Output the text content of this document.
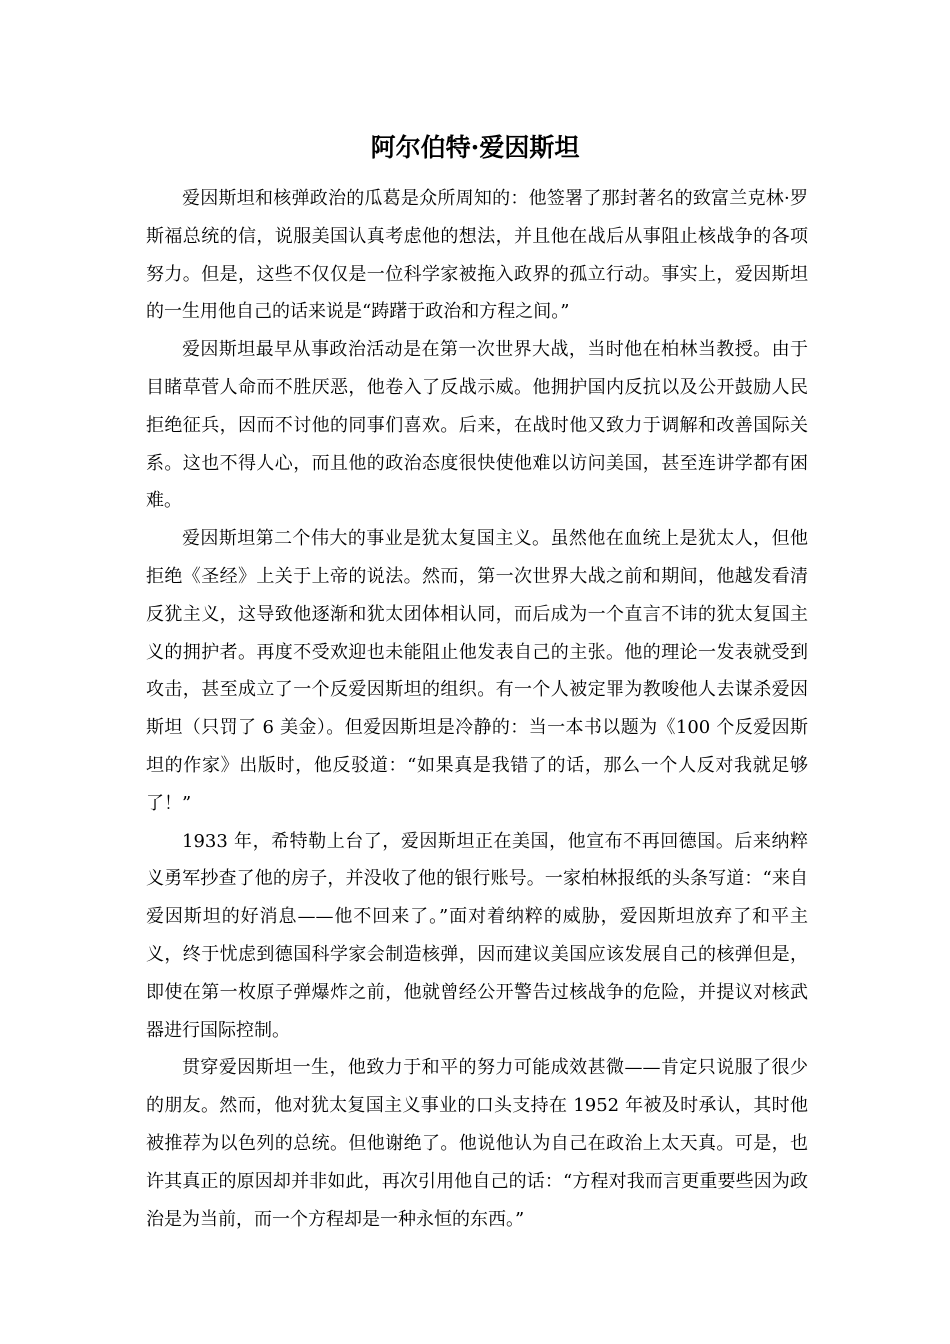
阿尔伯特·爱因斯坦

爱因斯坦和核弹政治的瓜葛是众所周知的：他签署了那封著名的致富兰克林·罗斯福总统的信，说服美国认真考虑他的想法，并且他在战后从事阻止核战争的各项努力。但是，这些不仅仅是一位科学家被拖入政界的孤立行动。事实上，爱因斯坦的一生用他自己的话来说是“踌躇于政治和方程之间。”

爱因斯坦最早从事政治活动是在第一次世界大战，当时他在柏林当教授。由于目睹草菅人命而不胜厌恶，他卷入了反战示威。他拥护国内反抗以及公开鼓励人民拒绝征兵，因而不讨他的同事们喜欢。后来，在战时他又致力于调解和改善国际关系。这也不得人心，而且他的政治态度很快使他难以访问美国，甚至连讲学都有困难。

爱因斯坦第二个伟大的事业是犹太复国主义。虽然他在血统上是犹太人，但他拒绝《圣经》上关于上帝的说法。然而，第一次世界大战之前和期间，他越发看清反犹主义，这导致他逐渐和犹太团体相认同，而后成为一个直言不讳的犹太复国主义的拥护者。再度不受欢迎也未能阻止他发表自己的主张。他的理论一发表就受到攻击，甚至成立了一个反爱因斯坦的组织。有一个人被定罪为教唆他人去谋杀爱因斯坦（只罚了 6 美金）。但爱因斯坦是冷静的：当一本书以题为《100 个反爱因斯坦的作家》出版时，他反驳道：“如果真是我错了的话，那么一个人反对我就足够了！”

1933 年，希特勒上台了，爱因斯坦正在美国，他宣布不再回德国。后来纳粹义勇军抄查了他的房子，并没收了他的银行账号。一家柏林报纸的头条写道：“来自爱因斯坦的好消息——他不回来了。”面对着纳粹的威胁，爱因斯坦放弃了和平主义，终于忧虑到德国科学家会制造核弹，因而建议美国应该发展自己的核弹但是，即使在第一枚原子弹爆炸之前，他就曾经公开警告过核战争的危险，并提议对核武器进行国际控制。

贯穿爱因斯坦一生，他致力于和平的努力可能成效甚微——肯定只说服了很少的朋友。然而，他对犹太复国主义事业的口头支持在 1952 年被及时承认，其时他被推荐为以色列的总统。但他谢绝了。他说他认为自己在政治上太天真。可是，也许其真正的原因却并非如此，再次引用他自己的话：“方程对我而言更重要些因为政治是为当前，而一个方程却是一种永恒的东西。”
